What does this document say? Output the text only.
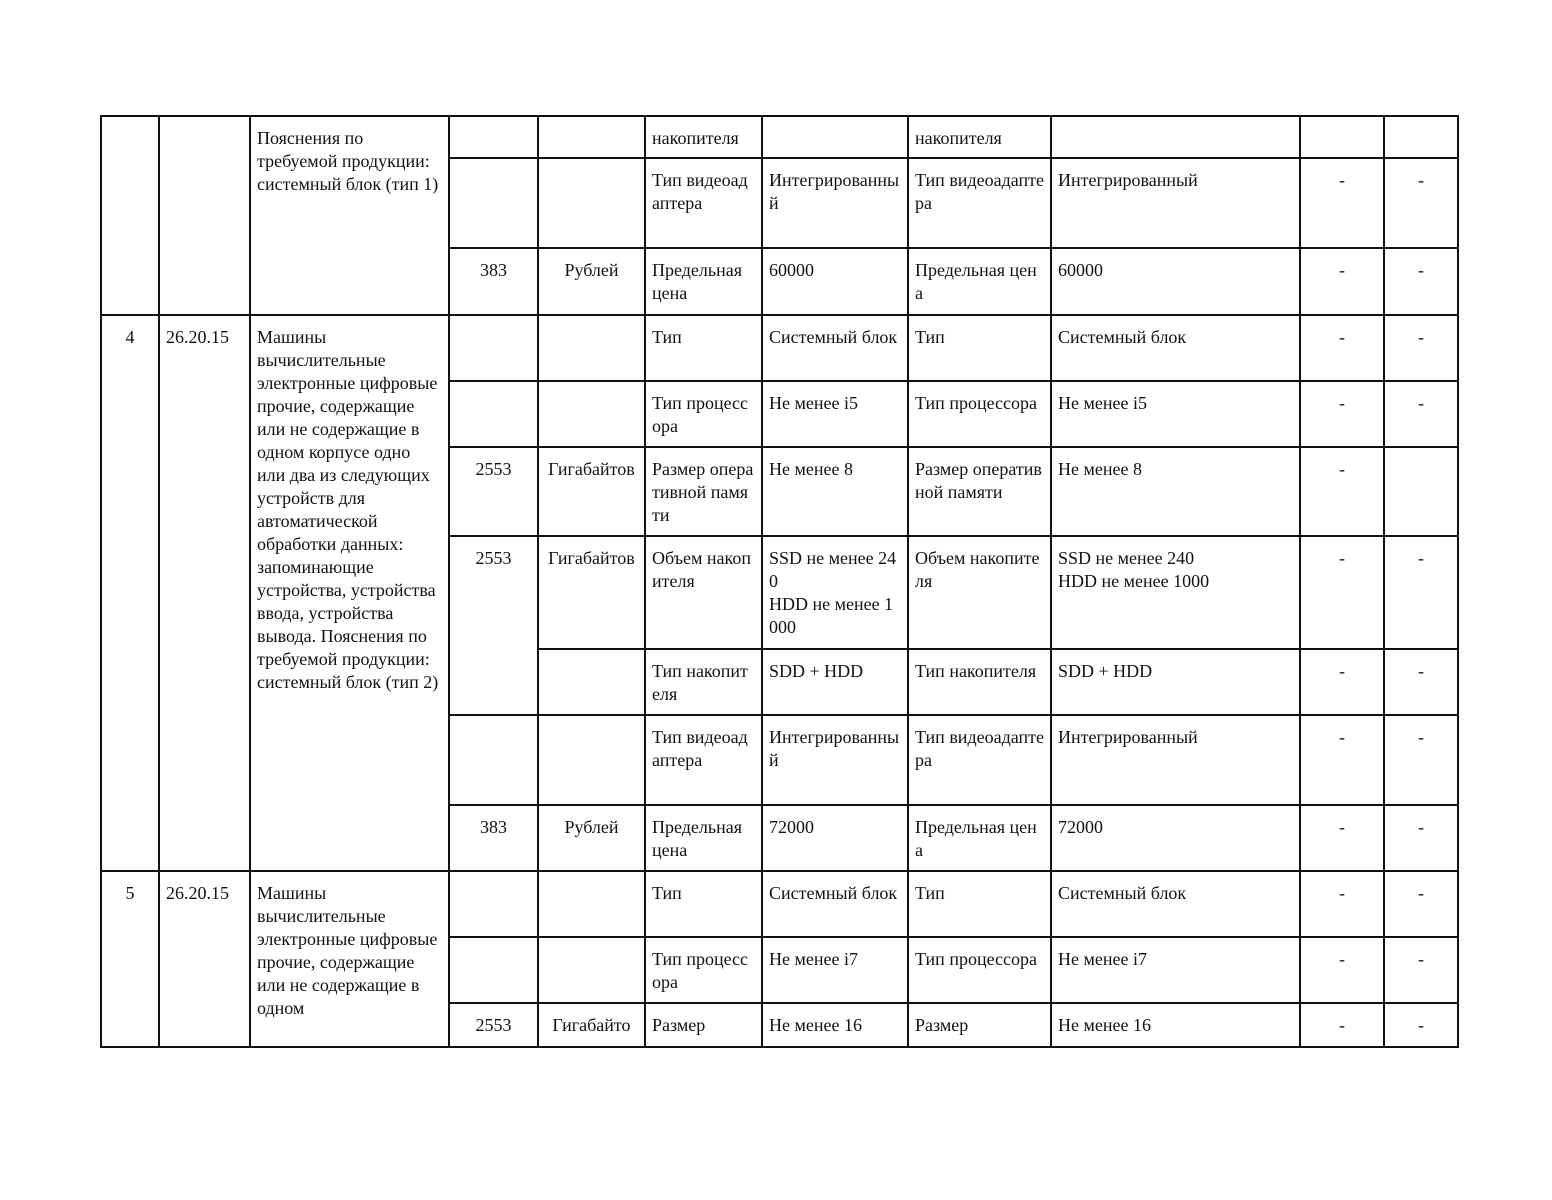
		Пояснения по требуемой продукции: системный блок (тип 1)			накопителя		накопителя			
					Тип видеоадаптера	Интегрированный	Тип видеоадаптера	Интегрированный	-	-
			383	Рублей	Предельная цена	60000	Предельная цена	60000	-	-
4	26.20.15	Машины вычислительные электронные цифровые прочие, содержащие или не содержащие в одном корпусе одно или два из следующих устройств для автоматической обработки данных: запоминающие устройства, устройства ввода, устройства вывода. Пояснения по требуемой продукции: системный блок (тип 2)			Тип	Системный блок	Тип	Системный блок	-	-
					Тип процессора	Не менее i5	Тип процессора	Не менее i5	-	-
			2553	Гигабайтов	Размер оперативной памяти	Не менее 8	Размер оперативной памяти	Не менее 8	-	
			2553	Гигабайтов	Объем накопителя	SSD не менее 240
HDD не менее 1000	Объем накопителя	SSD не менее 240
HDD не менее 1000	-	-
					Тип накопителя	SDD + HDD	Тип накопителя	SDD + HDD	-	-
					Тип видеоадаптера	Интегрированный	Тип видеоадаптера	Интегрированный	-	-
			383	Рублей	Предельная цена	72000	Предельная цена	72000	-	-
5	26.20.15	Машины вычислительные электронные цифровые прочие, содержащие или не содержащие в одном			Тип	Системный блок	Тип	Системный блок	-	-
					Тип процессора	Не менее i7	Тип процессора	Не менее i7	-	-
			2553	Гигабайто	Размер	Не менее 16	Размер	Не менее 16	-	-
